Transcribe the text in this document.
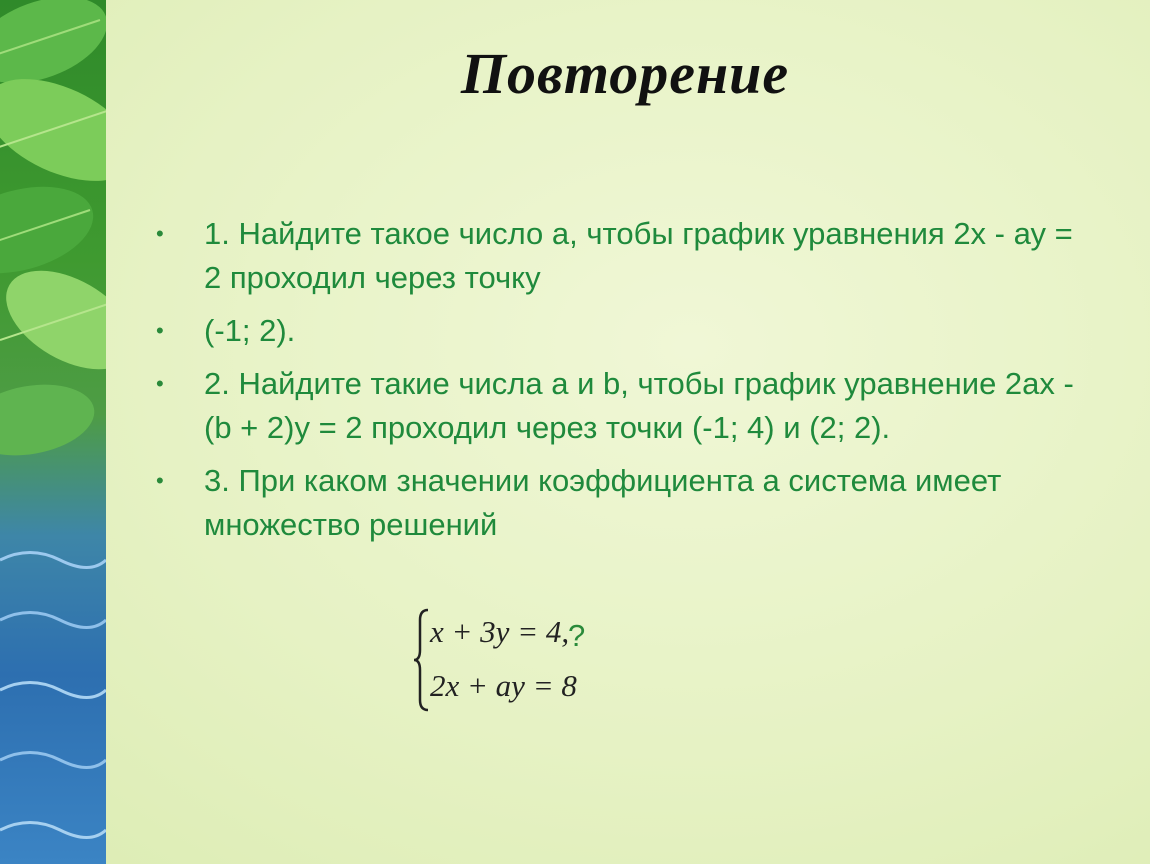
Повторение
•	1. Найдите такое число а, чтобы график уравнения 2х - ау = 2 проходил через точку
•	(-1; 2).
•	2. Найдите такие числа а и b, чтобы график уравнение 2ах - (b + 2)у = 2 проходил через точки (-1; 4) и (2; 2).
•	3. При каком значении коэффициента а система имеет множество решений
x + 3y = 4,
2x + ay = 8
?
